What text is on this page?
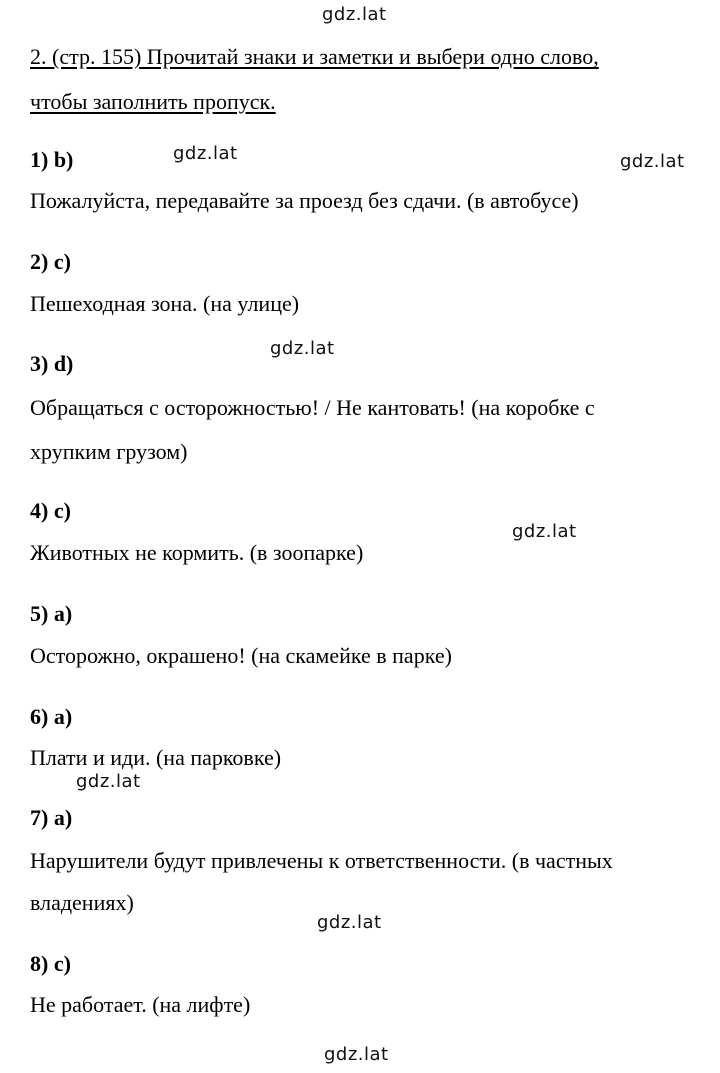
gdz.lat
gdz.lat	gdz.lat
gdz.lat
gdz.lat
gdz.lat
gdz.lat
gdz.lat
2. (стр. 155) Прочитай знаки и заметки и выбери одно слово,
чтобы заполнить пропуск.
1) b)
Пожалуйста, передавайте за проезд без сдачи. (в автобусе)
2) c)
Пешеходная зона. (на улице)
3) d)
Обращаться с осторожностью! / Не кантовать! (на коробке с
хрупким грузом)
4) c)
Животных не кормить. (в зоопарке)
5) a)
Осторожно, окрашено! (на скамейке в парке)
6) a)
Плати и иди. (на парковке)
7) a)
Нарушители будут привлечены к ответственности. (в частных
владениях)
8) c)
Не работает. (на лифте)
